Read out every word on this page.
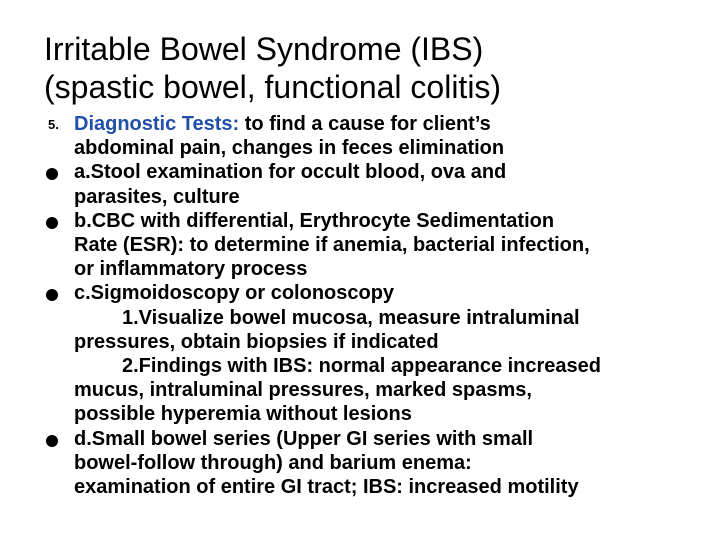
Irritable Bowel Syndrome (IBS)
(spastic bowel, functional colitis)
5. Diagnostic Tests: to find a cause for client’s
abdominal pain, changes in feces elimination
a.Stool examination for occult blood, ova and
parasites, culture
b.CBC with differential, Erythrocyte Sedimentation
Rate (ESR): to determine if anemia, bacterial infection,
or inflammatory process
c.Sigmoidoscopy or colonoscopy
1.Visualize bowel mucosa, measure intraluminal
pressures, obtain biopsies if indicated
2.Findings with IBS: normal appearance increased
mucus, intraluminal pressures, marked spasms,
possible hyperemia without lesions
d.Small bowel series (Upper GI series with small
bowel-follow through) and barium enema:
examination of entire GI tract; IBS: increased motility
